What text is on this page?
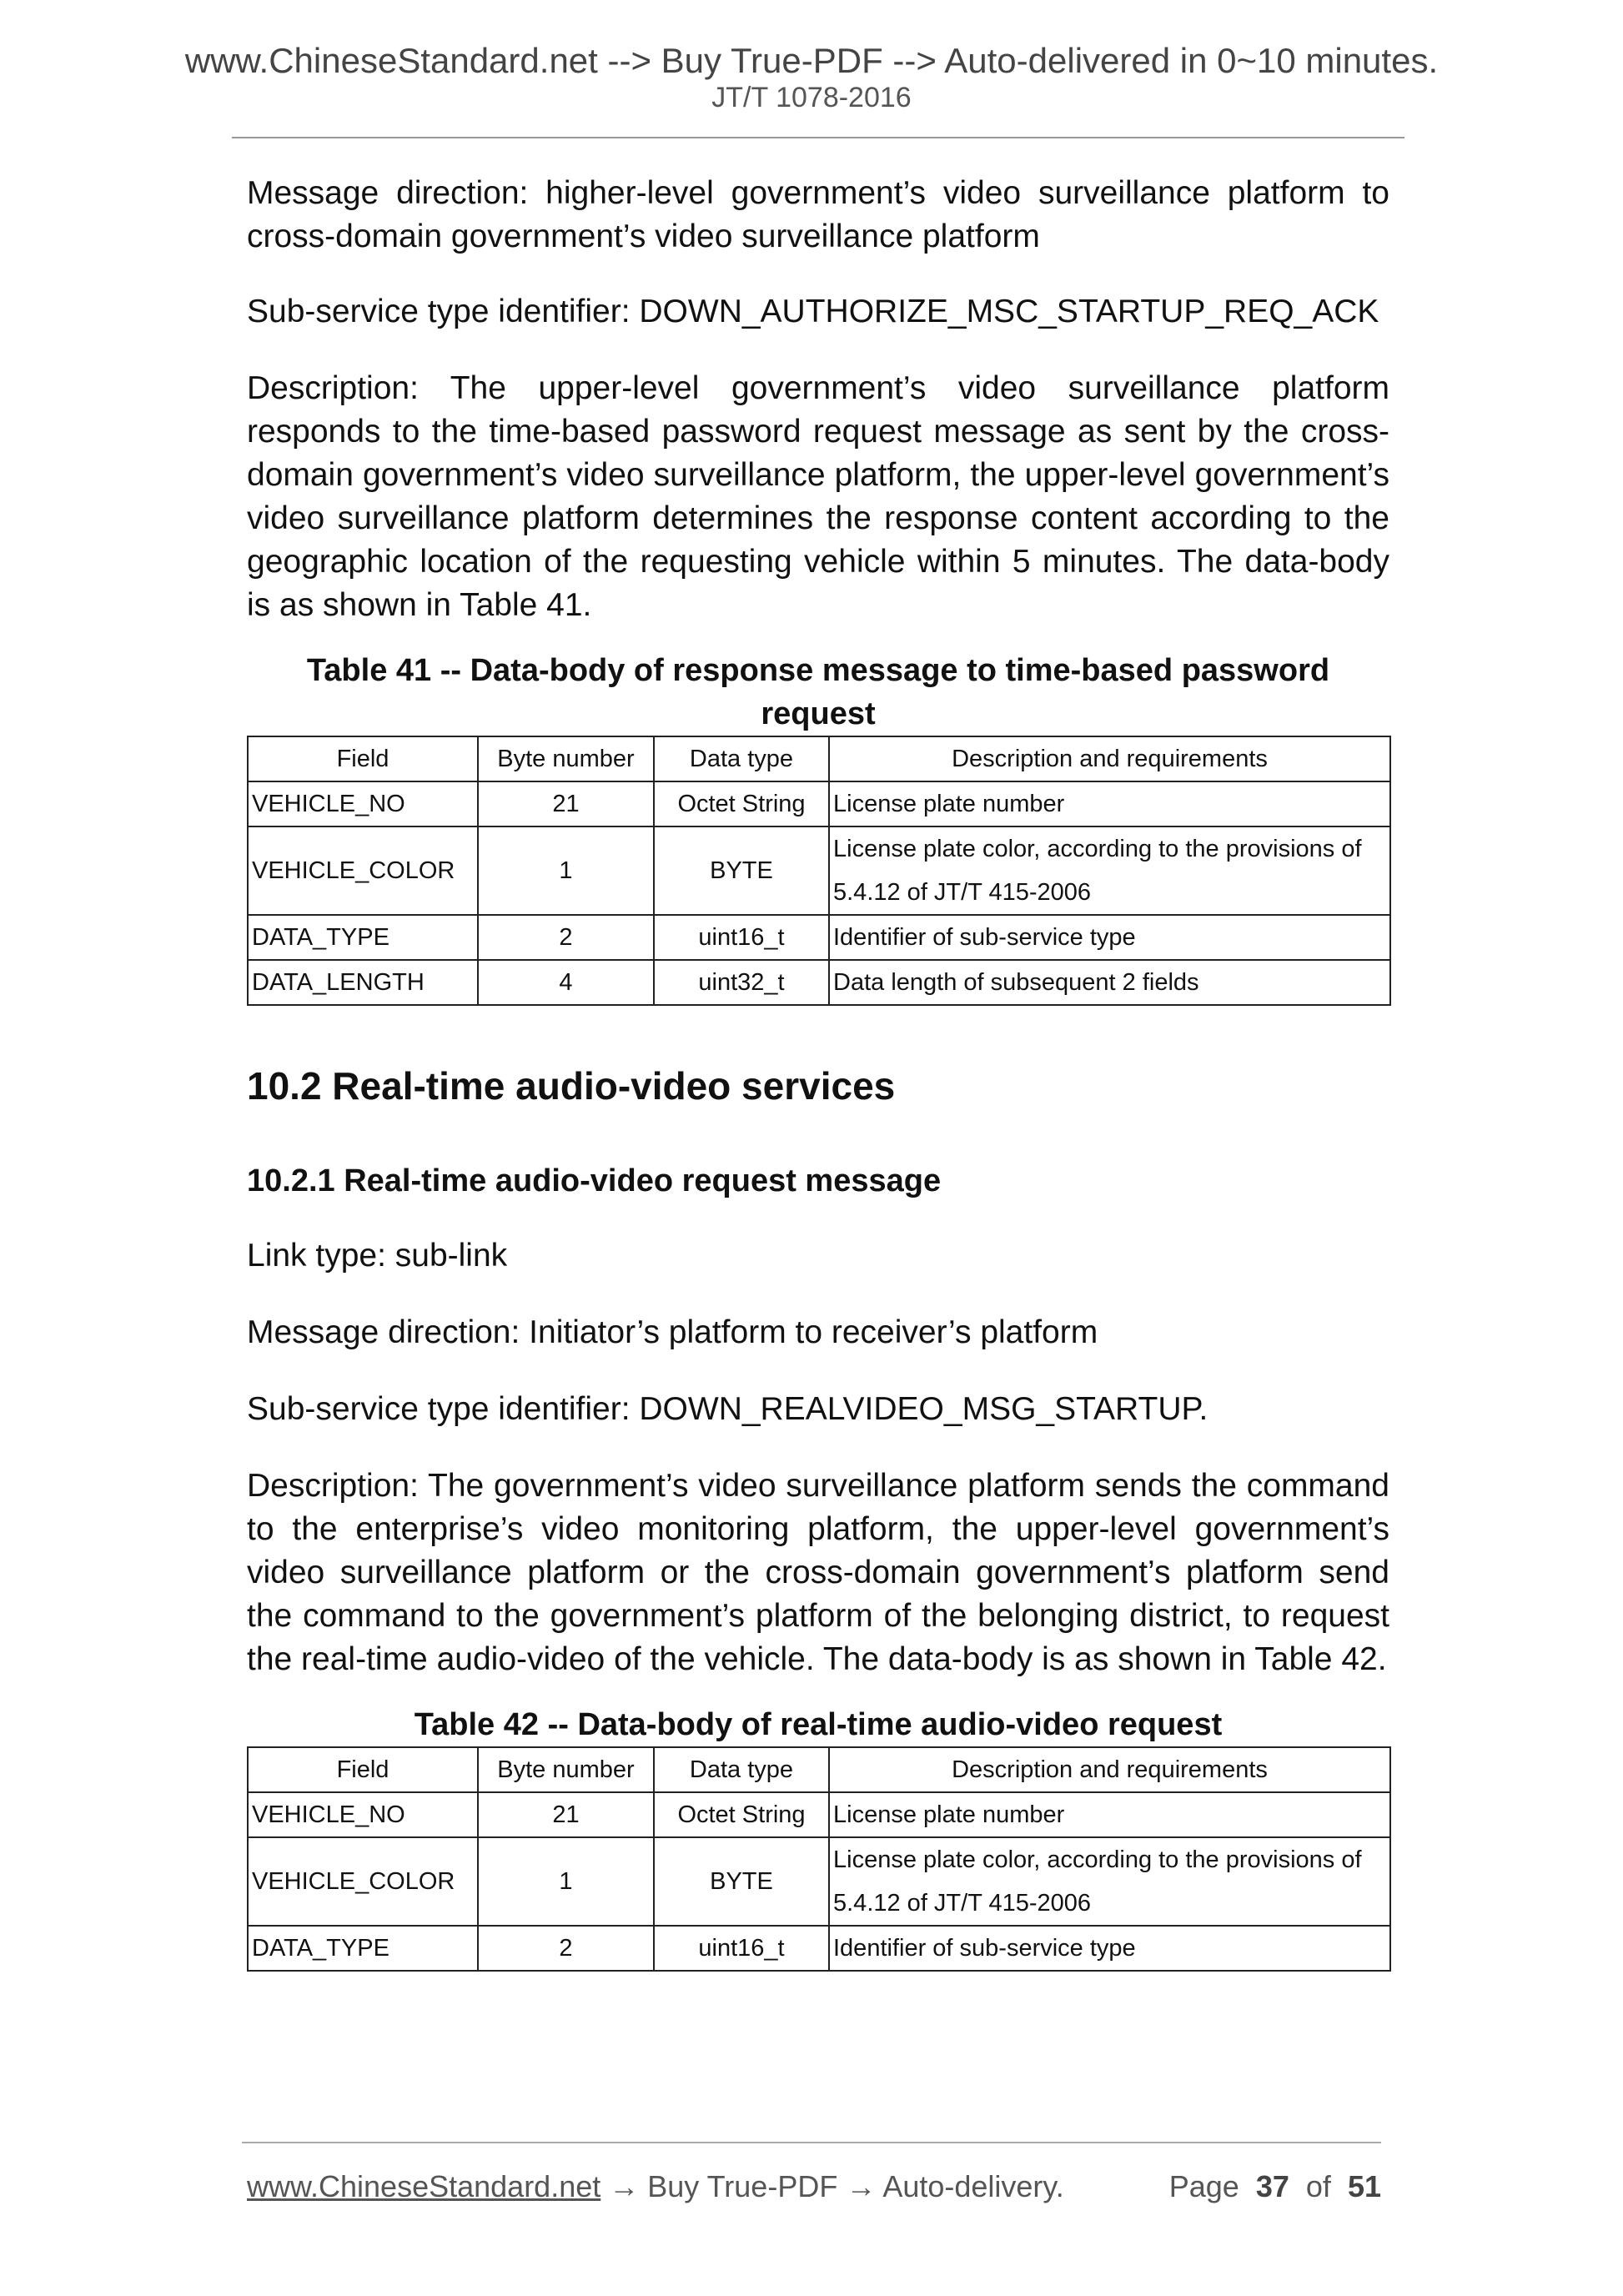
www.ChineseStandard.net --> Buy True-PDF --> Auto-delivered in 0~10 minutes.
JT/T 1078-2016

Message direction: higher-level government’s video surveillance platform to cross-domain government’s video surveillance platform

Sub-service type identifier: DOWN_AUTHORIZE_MSC_STARTUP_REQ_ACK

Description: The upper-level government’s video surveillance platform responds to the time-based password request message as sent by the cross-domain government’s video surveillance platform, the upper-level government’s video surveillance platform determines the response content according to the geographic location of the requesting vehicle within 5 minutes. The data-body is as shown in Table 41.

Table 41 -- Data-body of response message to time-based password request

Field	Byte number	Data type	Description and requirements
VEHICLE_NO	21	Octet String	License plate number
VEHICLE_COLOR	1	BYTE	License plate color, according to the provisions of 5.4.12 of JT/T 415-2006
DATA_TYPE	2	uint16_t	Identifier of sub-service type
DATA_LENGTH	4	uint32_t	Data length of subsequent 2 fields

10.2 Real-time audio-video services

10.2.1 Real-time audio-video request message

Link type: sub-link

Message direction: Initiator’s platform to receiver’s platform

Sub-service type identifier: DOWN_REALVIDEO_MSG_STARTUP.

Description: The government’s video surveillance platform sends the command to the enterprise’s video monitoring platform, the upper-level government’s video surveillance platform or the cross-domain government’s platform send the command to the government’s platform of the belonging district, to request the real-time audio-video of the vehicle. The data-body is as shown in Table 42.

Table 42 -- Data-body of real-time audio-video request

Field	Byte number	Data type	Description and requirements
VEHICLE_NO	21	Octet String	License plate number
VEHICLE_COLOR	1	BYTE	License plate color, according to the provisions of 5.4.12 of JT/T 415-2006
DATA_TYPE	2	uint16_t	Identifier of sub-service type
www.ChineseStandard.net → Buy True-PDF → Auto-delivery.	Page 37 of 51
